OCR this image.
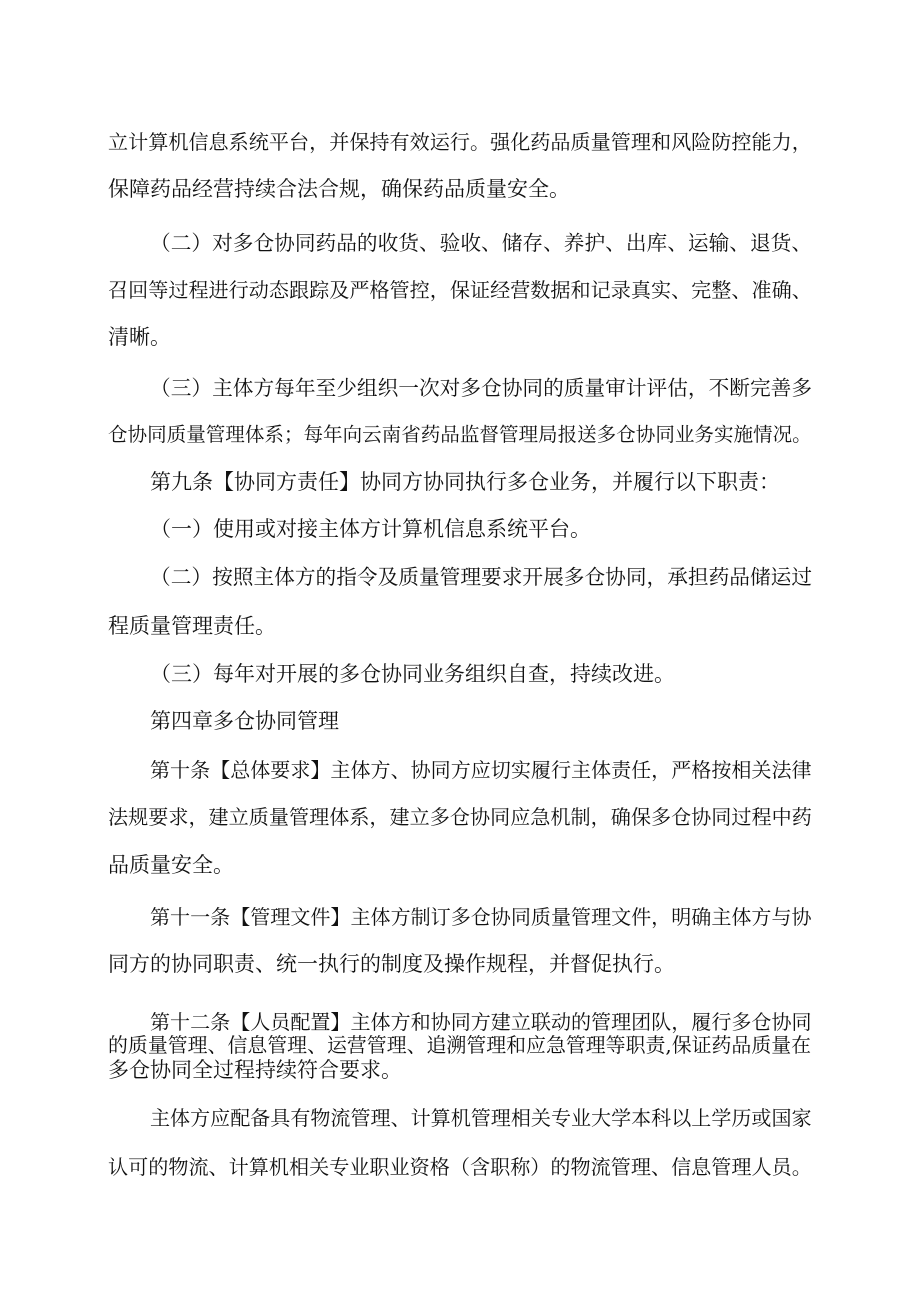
立计算机信息系统平台，并保持有效运行。强化药品质量管理和风险防控能力，
保障药品经营持续合法合规，确保药品质量安全。
（二）对多仓协同药品的收货、验收、储存、养护、出库、运输、退货、
召回等过程进行动态跟踪及严格管控，保证经营数据和记录真实、完整、准确、
清晰。
（三）主体方每年至少组织一次对多仓协同的质量审计评估，不断完善多
仓协同质量管理体系；每年向云南省药品监督管理局报送多仓协同业务实施情况。
第九条【协同方责任】协同方协同执行多仓业务，并履行以下职责：
（一）使用或对接主体方计算机信息系统平台。
（二）按照主体方的指令及质量管理要求开展多仓协同，承担药品储运过
程质量管理责任。
（三）每年对开展的多仓协同业务组织自查，持续改进。
第四章多仓协同管理
第十条【总体要求】主体方、协同方应切实履行主体责任，严格按相关法律
法规要求，建立质量管理体系，建立多仓协同应急机制，确保多仓协同过程中药
品质量安全。
第十一条【管理文件】主体方制订多仓协同质量管理文件，明确主体方与协
同方的协同职责、统一执行的制度及操作规程，并督促执行。
第十二条【人员配置】主体方和协同方建立联动的管理团队，履行多仓协同
的质量管理、信息管理、运营管理、追溯管理和应急管理等职责,保证药品质量在
多仓协同全过程持续符合要求。
主体方应配备具有物流管理、计算机管理相关专业大学本科以上学历或国家
认可的物流、计算机相关专业职业资格（含职称）的物流管理、信息管理人员。
